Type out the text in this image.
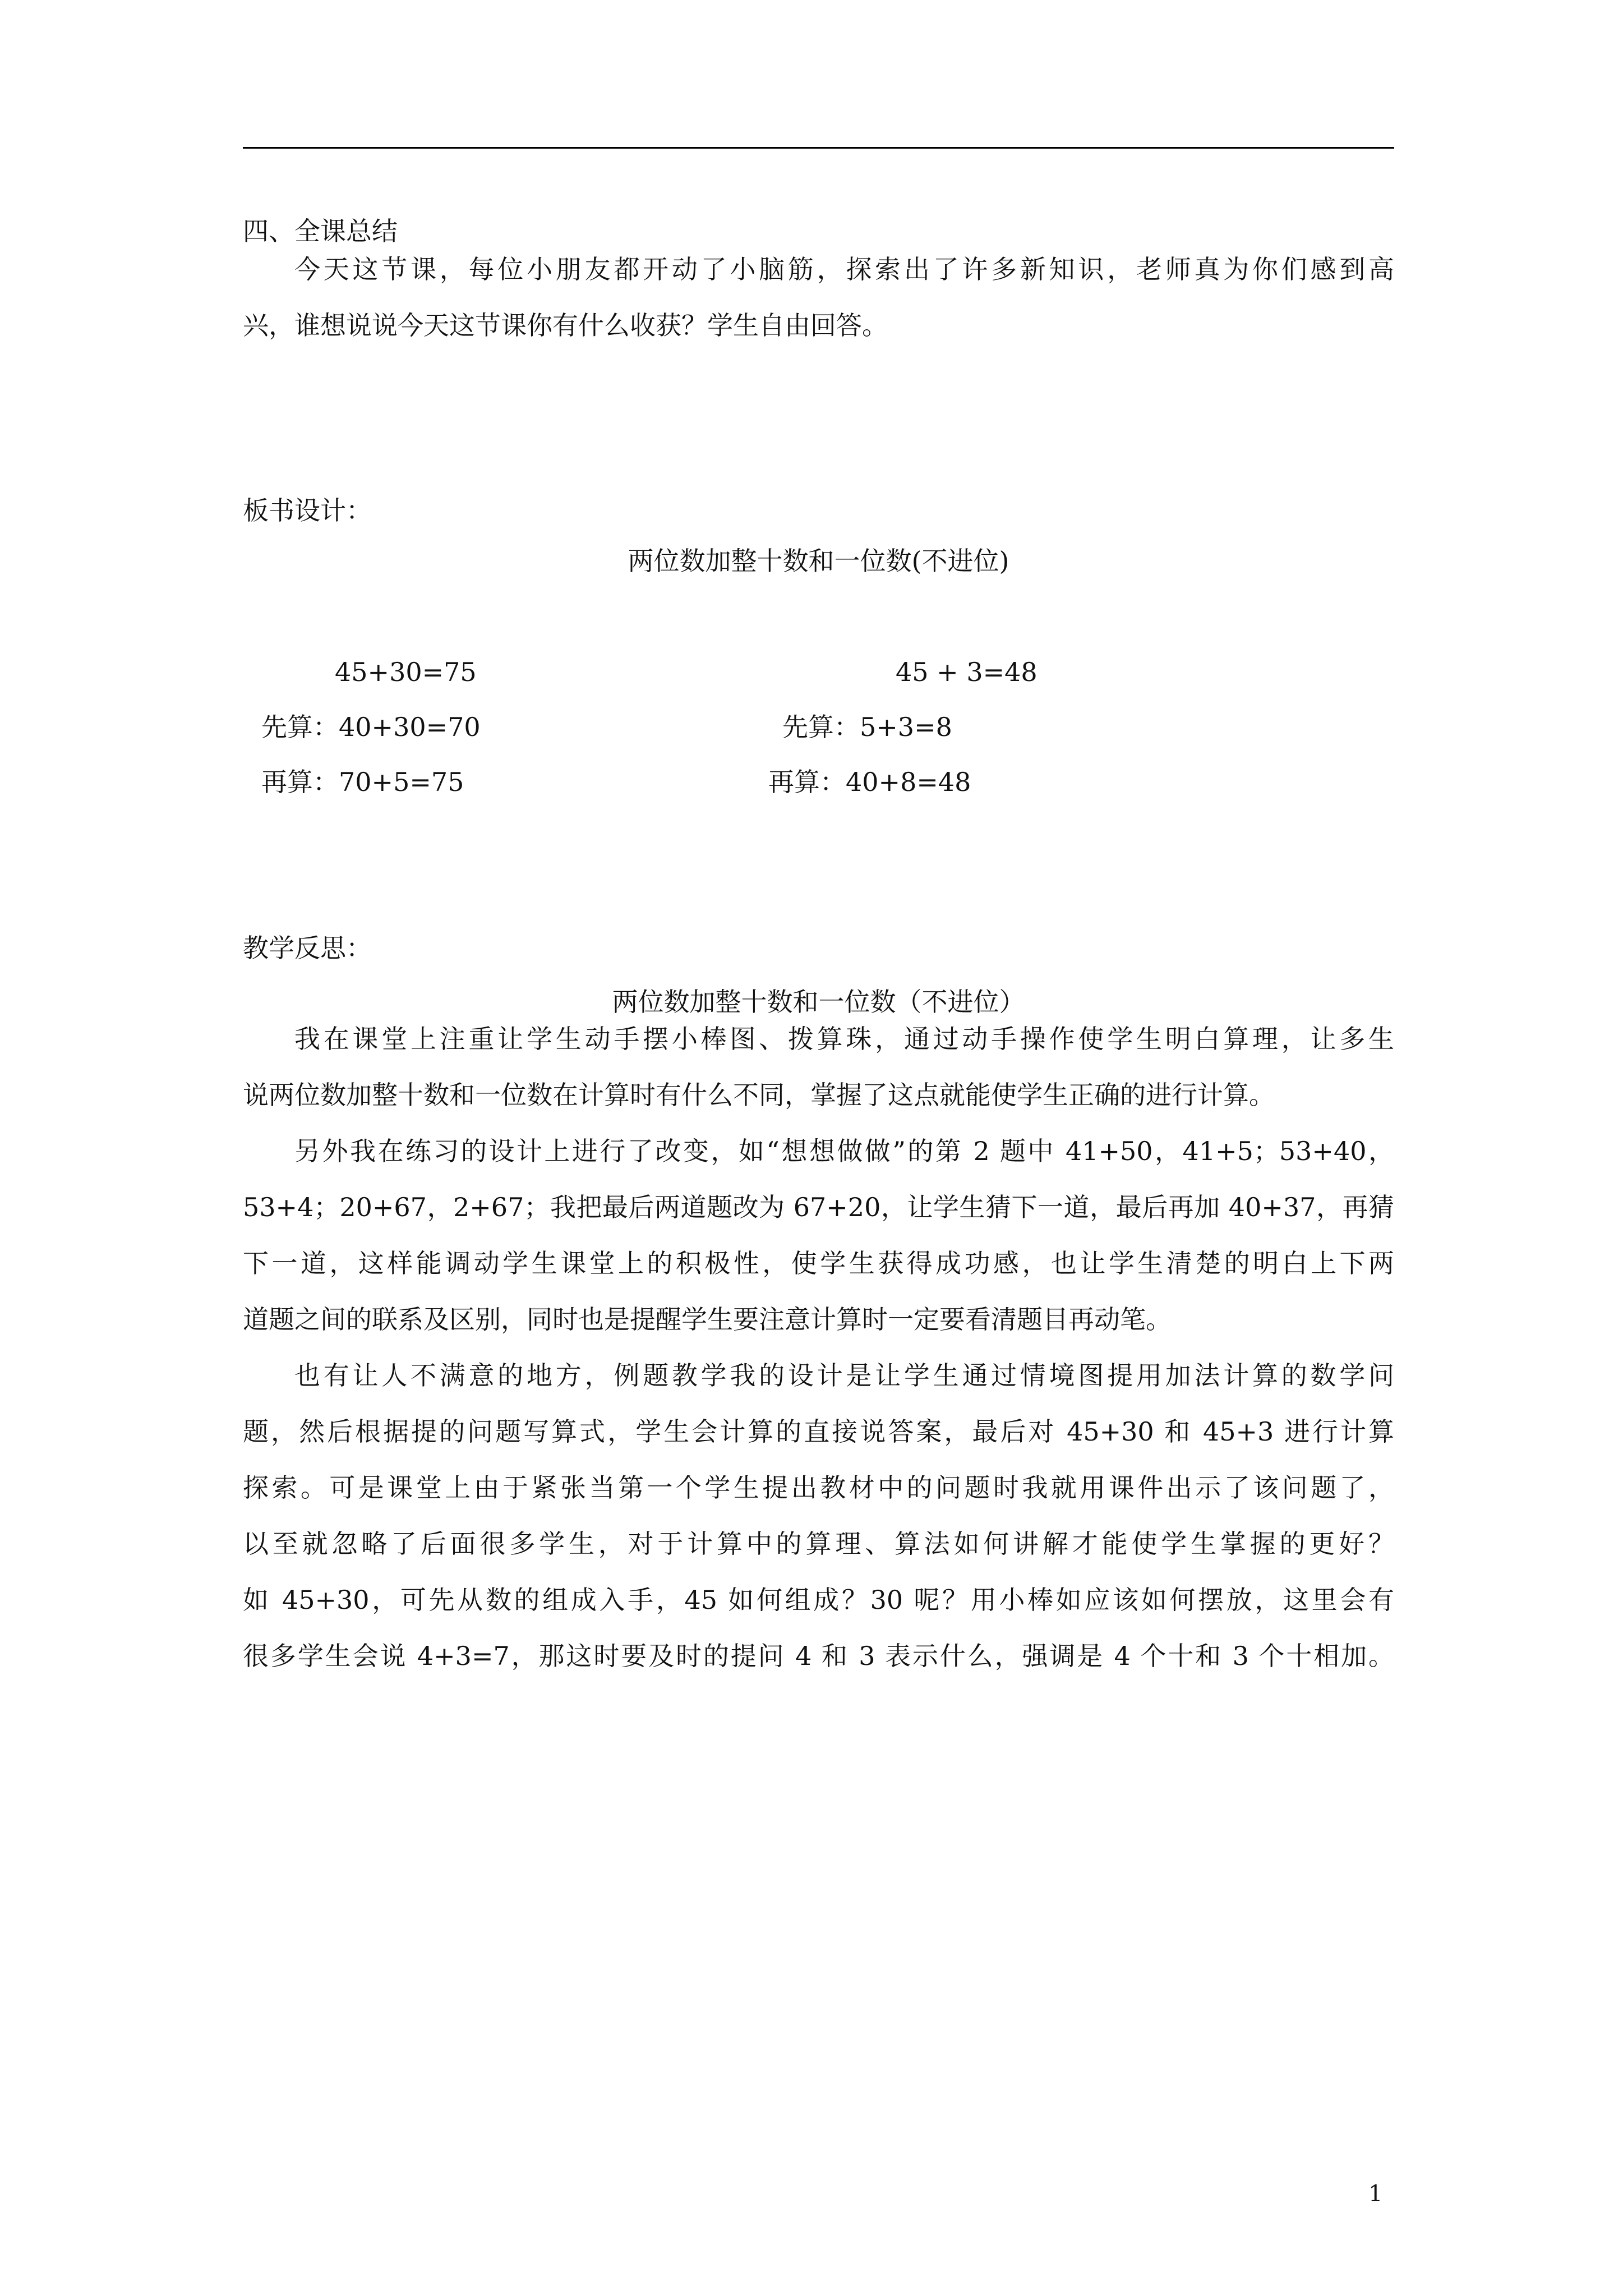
四、全课总结
今天这节课，每位小朋友都开动了小脑筋，探索出了许多新知识，老师真为你们感到高
兴，谁想说说今天这节课你有什么收获？学生自由回答。
板书设计：
两位数加整十数和一位数(不进位)
45+30=75
先算：40+30=70
再算：70+5=75
45 + 3=48
先算：5+3=8
再算：40+8=48
教学反思：
两位数加整十数和一位数（不进位）
我在课堂上注重让学生动手摆小棒图、拨算珠，通过动手操作使学生明白算理，让多生
说两位数加整十数和一位数在计算时有什么不同，掌握了这点就能使学生正确的进行计算。
另外我在练习的设计上进行了改变，如“想想做做”的第 2 题中 41+50，41+5；53+40，
53+4；20+67，2+67；我把最后两道题改为 67+20，让学生猜下一道，最后再加 40+37，再猜
下一道，这样能调动学生课堂上的积极性，使学生获得成功感，也让学生清楚的明白上下两
道题之间的联系及区别，同时也是提醒学生要注意计算时一定要看清题目再动笔。
也有让人不满意的地方，例题教学我的设计是让学生通过情境图提用加法计算的数学问
题，然后根据提的问题写算式，学生会计算的直接说答案，最后对 45+30 和 45+3 进行计算
探索。可是课堂上由于紧张当第一个学生提出教材中的问题时我就用课件出示了该问题了，
以至就忽略了后面很多学生，对于计算中的算理、算法如何讲解才能使学生掌握的更好？
如 45+30，可先从数的组成入手，45 如何组成？30 呢？用小棒如应该如何摆放，这里会有
很多学生会说 4+3=7，那这时要及时的提问 4 和 3 表示什么，强调是 4 个十和 3 个十相加。
1
